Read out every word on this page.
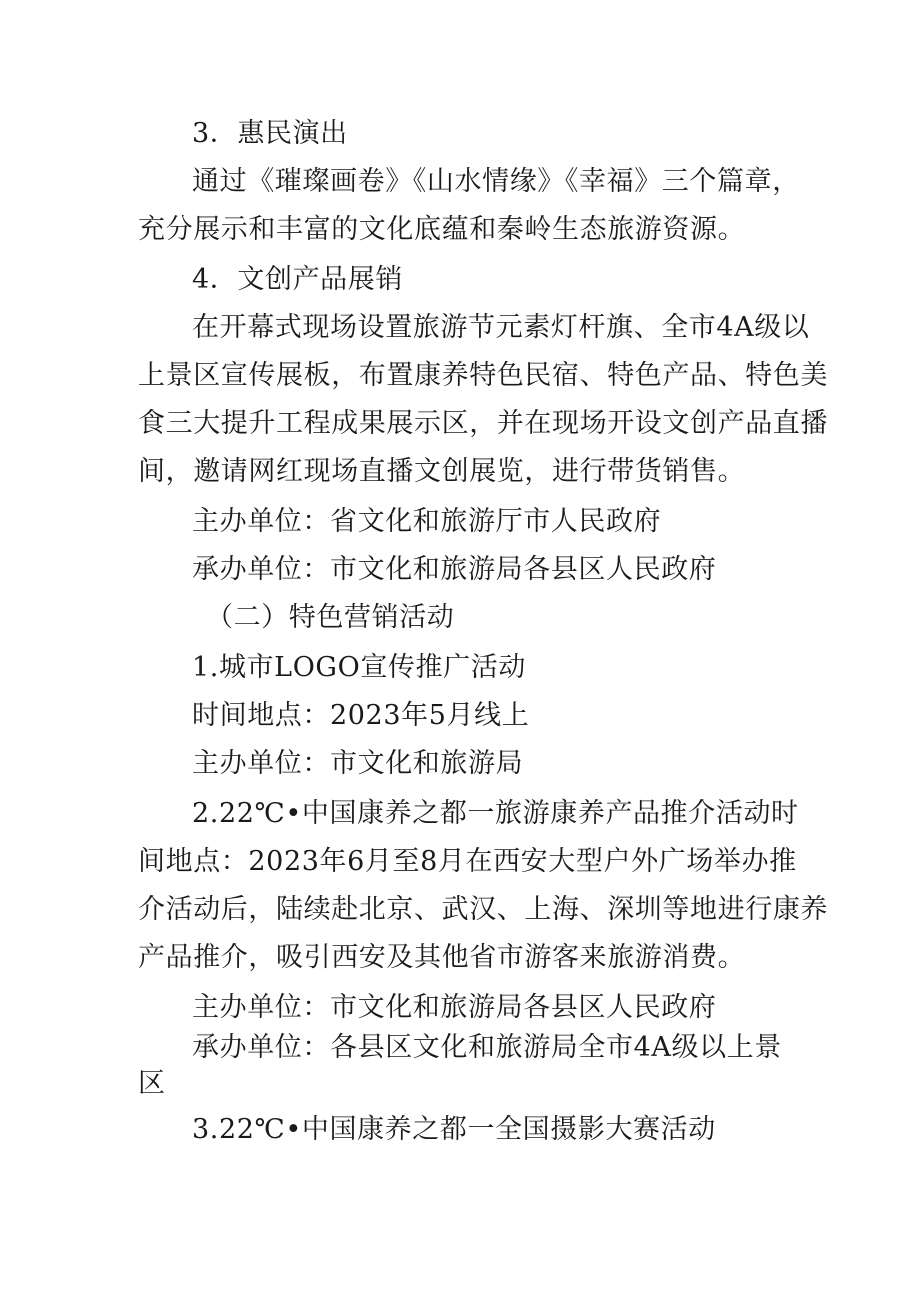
3．惠民演出

通过《璀璨画卷》《山水情缘》《幸福》三个篇章，

充分展示和丰富的文化底蕴和秦岭生态旅游资源。

4．文创产品展销

在开幕式现场设置旅游节元素灯杆旗、全市4A级以

上景区宣传展板，布置康养特色民宿、特色产品、特色美

食三大提升工程成果展示区，并在现场开设文创产品直播

间，邀请网红现场直播文创展览，进行带货销售。

主办单位：省文化和旅游厅市人民政府

承办单位：市文化和旅游局各县区人民政府

（二）特色营销活动

1.城市LOGO宣传推广活动

时间地点：2023年5月线上

主办单位：市文化和旅游局

2.22℃•中国康养之都一旅游康养产品推介活动时

间地点：2023年6月至8月在西安大型户外广场举办推

介活动后，陆续赴北京、武汉、上海、深圳等地进行康养

产品推介，吸引西安及其他省市游客来旅游消费。

主办单位：市文化和旅游局各县区人民政府

承办单位：各县区文化和旅游局全市4A级以上景

区

3.22℃•中国康养之都一全国摄影大赛活动
